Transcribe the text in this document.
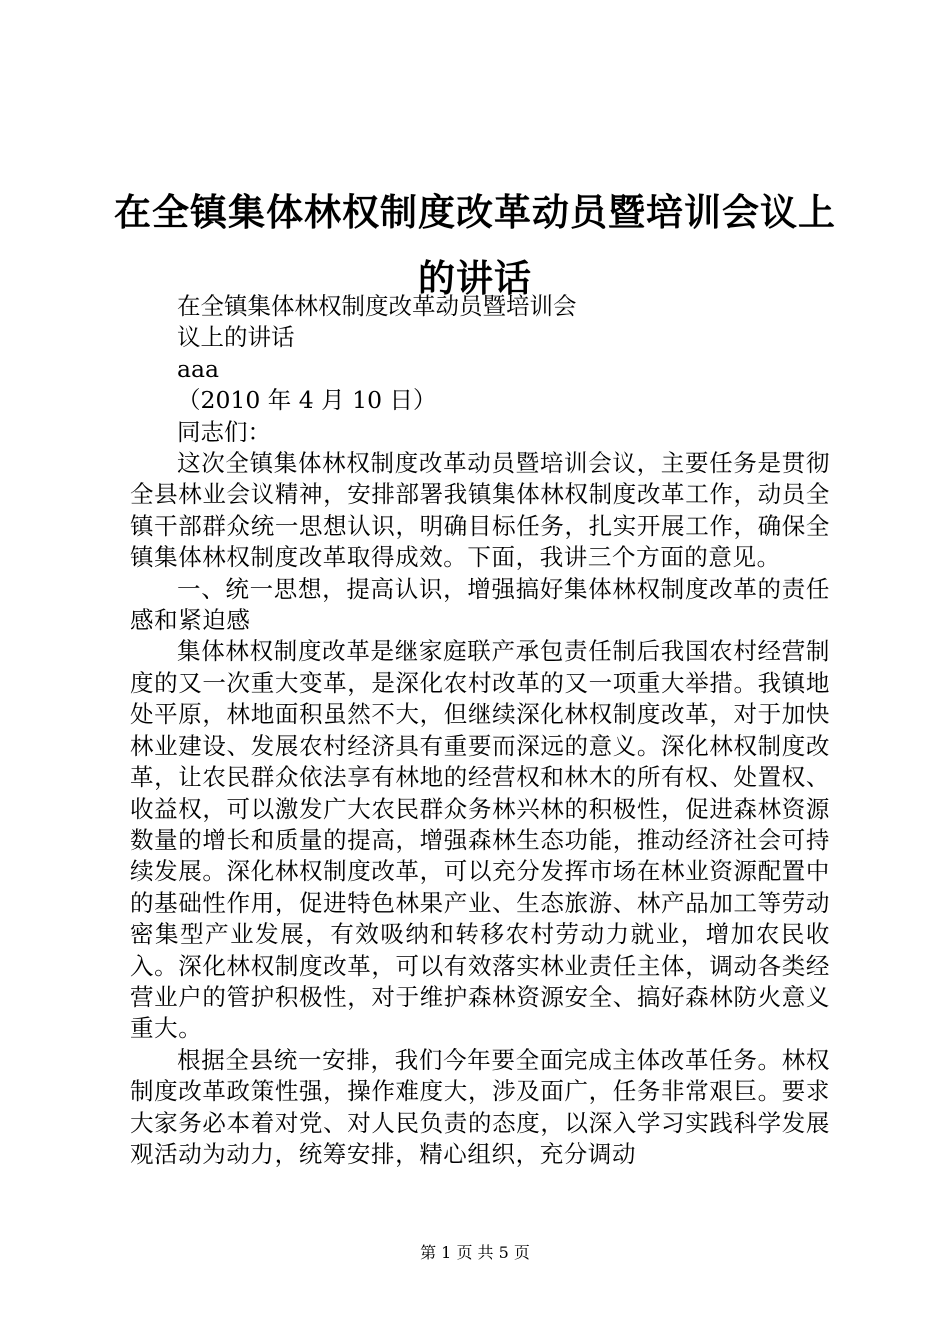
在全镇集体林权制度改革动员暨培训会议上的讲话

在全镇集体林权制度改革动员暨培训会

议上的讲话

aaa

（2010 年 4 月 10 日）

同志们：

这次全镇集体林权制度改革动员暨培训会议，主要任务是贯彻全县林业会议精神，安排部署我镇集体林权制度改革工作，动员全镇干部群众统一思想认识，明确目标任务，扎实开展工作，确保全镇集体林权制度改革取得成效。下面，我讲三个方面的意见。

一、统一思想，提高认识，增强搞好集体林权制度改革的责任感和紧迫感

集体林权制度改革是继家庭联产承包责任制后我国农村经营制度的又一次重大变革，是深化农村改革的又一项重大举措。我镇地处平原，林地面积虽然不大，但继续深化林权制度改革，对于加快林业建设、发展农村经济具有重要而深远的意义。深化林权制度改革，让农民群众依法享有林地的经营权和林木的所有权、处置权、收益权，可以激发广大农民群众务林兴林的积极性，促进森林资源数量的增长和质量的提高，增强森林生态功能，推动经济社会可持续发展。深化林权制度改革，可以充分发挥市场在林业资源配置中的基础性作用，促进特色林果产业、生态旅游、林产品加工等劳动密集型产业发展，有效吸纳和转移农村劳动力就业，增加农民收入。深化林权制度改革，可以有效落实林业责任主体，调动各类经营业户的管护积极性，对于维护森林资源安全、搞好森林防火意义重大。

根据全县统一安排，我们今年要全面完成主体改革任务。林权制度改革政策性强，操作难度大，涉及面广，任务非常艰巨。要求大家务必本着对党、对人民负责的态度，以深入学习实践科学发展观活动为动力，统筹安排，精心组织，充分调动

第 1 页 共 5 页
